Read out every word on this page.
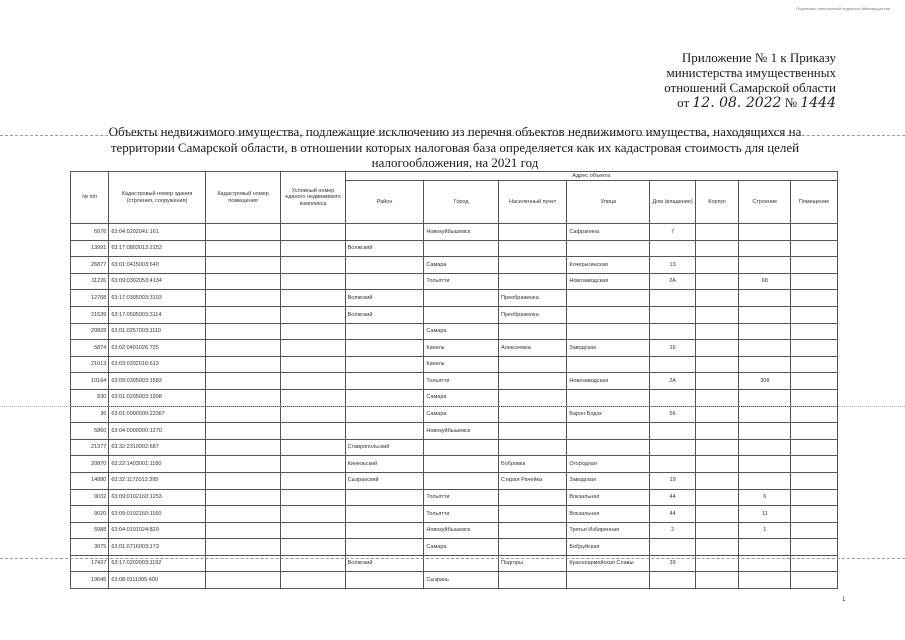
Подписано электронной подписью Минимущества
Приложение № 1 к Приказу
министерства имущественных
отношений Самарской области
от 12. 08. 2022 № 1444
Объекты недвижимого имущества, подлежащие исключению из перечня объектов недвижимого имущества, находящихся на
территории Самарской области, в отношении которых налоговая база определяется как их кадастровая стоимость для целей
налогообложения, на 2021 год
№ п/п	Кадастровый номер здания (строения, сооружения)	Кадастровый номер помещения	Условный номер единого недвижимого комплекса	Адрес объекта							
				Район	Город	Населенный пункт	Улица	Дом (владение)	Корпус	Строение	Помещение
6076	63:04:0202041:161				Новокуйбышевск		Сафраняна	7			
13991	63:17:0803013:2153			Волжский							
26877	63:01:0415003:640				Самара		Кочерыгинская	13			
11226	63:09:0302053:4134				Тольятти		Новозаводская	2А		68	
12768	63:17:0305003:3103			Волжский		Преображенка					
21539	63:17:0505003:3114			Волжский		Преображенка					
20828	63:01:0257003:1110				Самара						
5874	63:02:0401026:725				Кинель	Алексеевка	Заводская	16			
21013	63:03:0202016:613				Кинель						
10164	63:09:0305003:1583				Тольятти		Новозаводская	2А		308	
830	63:01:0205003:1998				Самара						
36	63:01:0000000:23367				Самара		Барон Бодэк	56			
5860	63:04:0000000:1270				Новокуйбышевск						
21377	63:32:2310002:687			Ставропольский							
20870	63:22:1403001:1180			Кинельский		Бобровка	Огородная				
14880	63:32:1172012:395			Сызранский		Старая Рачейка	Заводская	19			
9032	63:09:0102160:1253				Тольятти		Вокзальная	44		6	
9020	63:09:0102160:1160				Тольятти		Вокзальная	44		11	
5988	63:04:0101024:820				Новокуйбышевск		Третья Избиренная	2		1	
3075	63:01:0716003:173				Самара		Бобруйская				
17437	63:17:0202003:1192			Волжский		Подгоры	Красноармейская Славы	39			
19645	63:08:0111005:400				Сызрань						
1
